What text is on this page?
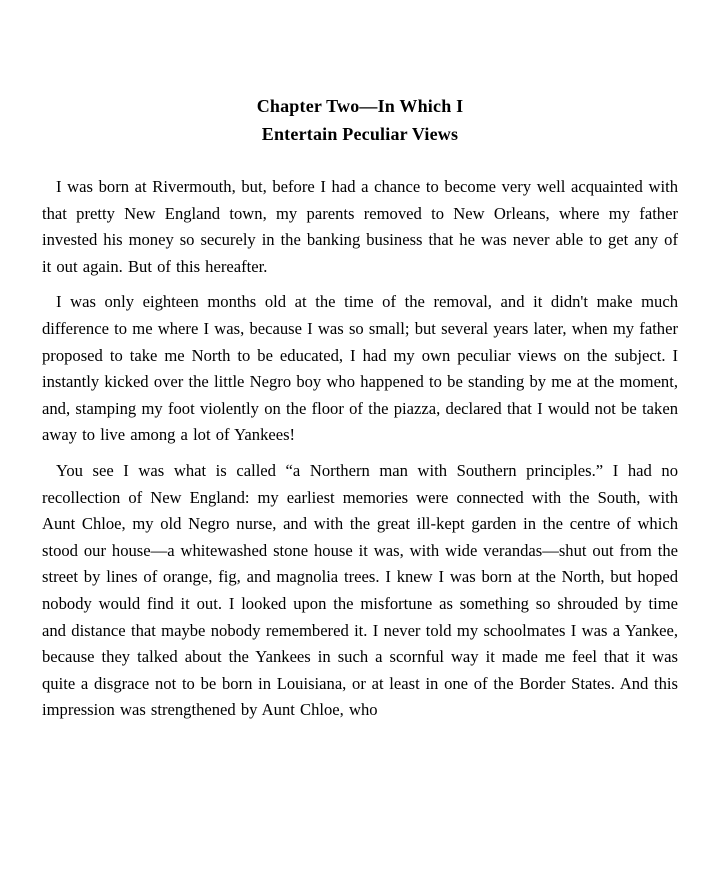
Chapter Two—In Which I
Entertain Peculiar Views

I was born at Rivermouth, but, before I had a chance to become very well acquainted with that pretty New England town, my parents removed to New Orleans, where my father invested his money so securely in the banking business that he was never able to get any of it out again. But of this hereafter.

I was only eighteen months old at the time of the removal, and it didn't make much difference to me where I was, because I was so small; but several years later, when my father proposed to take me North to be educated, I had my own peculiar views on the subject. I instantly kicked over the little Negro boy who happened to be standing by me at the moment, and, stamping my foot violently on the floor of the piazza, declared that I would not be taken away to live among a lot of Yankees!

You see I was what is called “a Northern man with Southern principles.” I had no recollection of New England: my earliest memories were connected with the South, with Aunt Chloe, my old Negro nurse, and with the great ill-kept garden in the centre of which stood our house—a whitewashed stone house it was, with wide verandas—shut out from the street by lines of orange, fig, and magnolia trees. I knew I was born at the North, but hoped nobody would find it out. I looked upon the misfortune as something so shrouded by time and distance that maybe nobody remembered it. I never told my schoolmates I was a Yankee, because they talked about the Yankees in such a scornful way it made me feel that it was quite a disgrace not to be born in Louisiana, or at least in one of the Border States. And this impression was strengthened by Aunt Chloe, who
